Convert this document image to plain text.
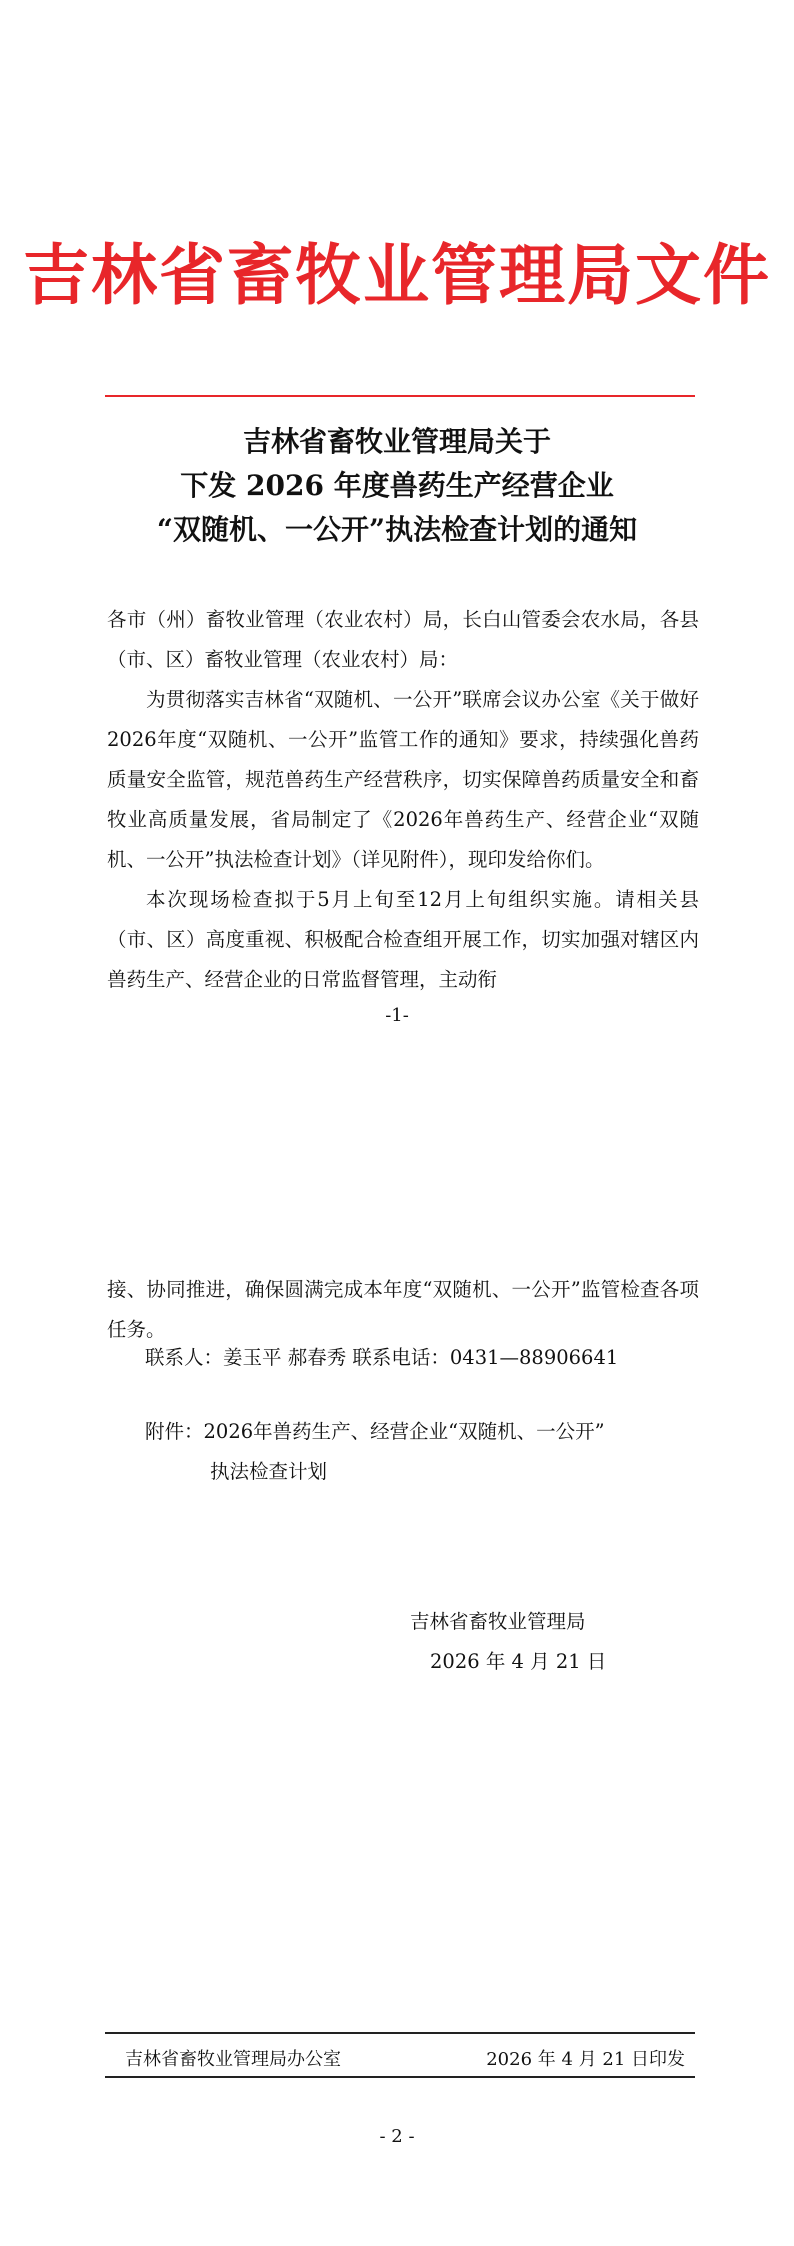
吉林省畜牧业管理局文件
吉林省畜牧业管理局关于
下发 2026 年度兽药生产经营企业
“双随机、一公开”执法检查计划的通知

各市（州）畜牧业管理（农业农村）局，长白山管委会农水局，各县（市、区）畜牧业管理（农业农村）局：

为贯彻落实吉林省“双随机、一公开”联席会议办公室《关于做好2026年度“双随机、一公开”监管工作的通知》要求，持续强化兽药质量安全监管，规范兽药生产经营秩序，切实保障兽药质量安全和畜牧业高质量发展，省局制定了《2026年兽药生产、经营企业“双随机、一公开”执法检查计划》（详见附件），现印发给你们。

本次现场检查拟于5月上旬至12月上旬组织实施。请相关县（市、区）高度重视、积极配合检查组开展工作，切实加强对辖区内兽药生产、经营企业的日常监督管理，主动衔

-1-

接、协同推进，确保圆满完成本年度“双随机、一公开”监管检查各项任务。

联系人：姜玉平 郝春秀 联系电话：0431—88906641
附件：2026年兽药生产、经营企业“双随机、一公开”
执法检查计划
吉林省畜牧业管理局
2026 年 4 月 21 日
吉林省畜牧业管理局办公室	2026 年 4 月 21 日印发
- 2 -
